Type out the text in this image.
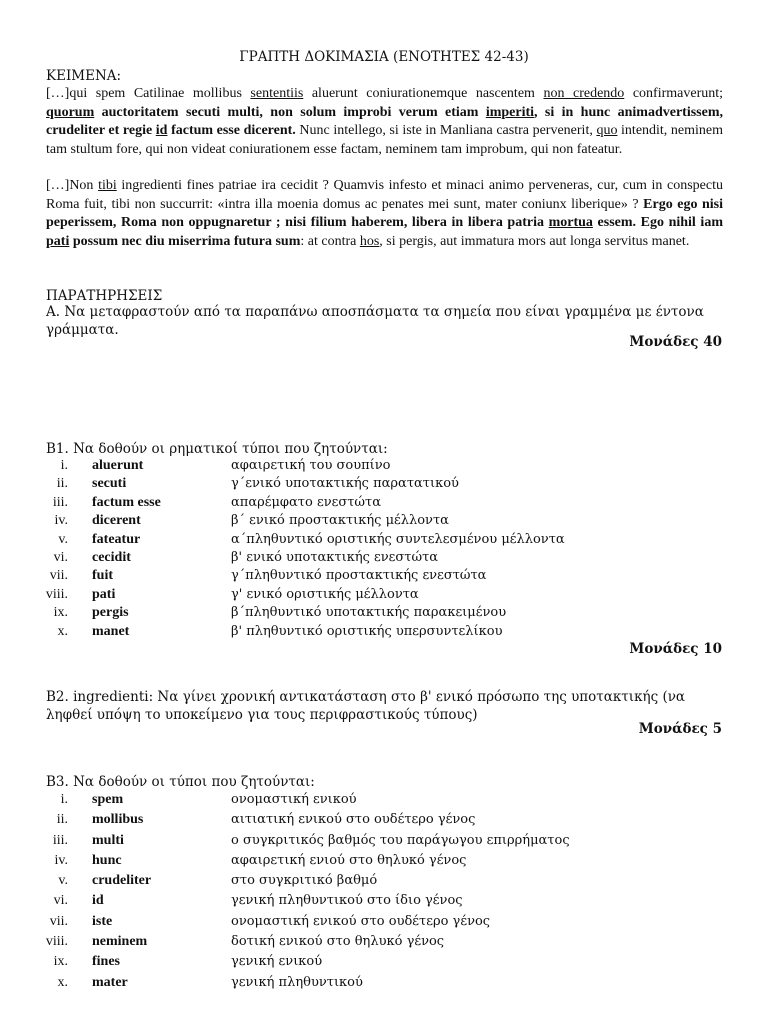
ΓΡΑΠΤΗ ΔΟΚΙΜΑΣΙΑ (ΕΝΟΤΗΤΕΣ 42-43)
ΚΕΙΜΕΝΑ:

[…]qui spem Catilinae mollibus sententiis aluerunt coniurationemque nascentem non credendo confirmaverunt; quorum auctoritatem secuti multi, non solum improbi verum etiam imperiti, si in hunc animadvertissem, crudeliter et regie id factum esse dicerent. Nunc intellego, si iste in Manliana castra pervenerit, quo intendit, neminem tam stultum fore, qui non videat coniurationem esse factam, neminem tam improbum, qui non fateatur.

[…]Non tibi ingredienti fines patriae ira cecidit ? Quamvis infesto et minaci animo perveneras, cur, cum in conspectu Roma fuit, tibi non succurrit: «intra illa moenia domus ac penates mei sunt, mater coniunx liberique» ? Ergo ego nisi peperissem, Roma non oppugnaretur ; nisi filium haberem, libera in libera patria mortua essem. Ego nihil iam pati possum nec diu miserrima futura sum: at contra hos, si pergis, aut immatura mors aut longa servitus manet.

ΠΑΡΑΤΗΡΗΣΕΙΣ
Α. Να μεταφραστούν από τα παραπάνω αποσπάσματα τα σημεία που είναι γραμμένα με έντονα γράμματα.
Μονάδες 40
Β1. Να δοθούν οι ρηματικοί τύποι που ζητούνται:
i. aluerunt	αφαιρετική του σουπίνο
ii. secuti	γ΄ενικό υποτακτικής παρατατικού
iii. factum esse	απαρέμφατο ενεστώτα
iv. dicerent	β΄ ενικό προστακτικής μέλλοντα
v. fateatur	α΄πληθυντικό οριστικής συντελεσμένου μέλλοντα
vi. cecidit	β' ενικό υποτακτικής ενεστώτα
vii. fuit	γ΄πληθυντικό προστακτικής ενεστώτα
viii. pati	γ' ενικό οριστικής μέλλοντα
ix. pergis	β΄πληθυντικό υποτακτικής παρακειμένου
x. manet	β' πληθυντικό οριστικής υπερσυντελίκου
Μονάδες 10
Β2. ingredienti: Να γίνει χρονική αντικατάσταση στο β' ενικό πρόσωπο της υποτακτικής (να ληφθεί υπόψη το υποκείμενο για τους περιφραστικούς τύπους)
Μονάδες 5
Β3. Να δοθούν οι τύποι που ζητούνται:
i. spem	ονομαστική ενικού
ii. mollibus	αιτιατική ενικού στο ουδέτερο γένος
iii. multi	ο συγκριτικός βαθμός του παράγωγου επιρρήματος
iv. hunc	αφαιρετική ενιού στο θηλυκό γένος
v. crudeliter	στο συγκριτικό βαθμό
vi. id	γενική πληθυντικού στο ίδιο γένος
vii. iste	ονομαστική ενικού στο ουδέτερο γένος
viii. neminem	δοτική ενικού στο θηλυκό γένος
ix. fines	γενική ενικού
x. mater	γενική πληθυντικού
